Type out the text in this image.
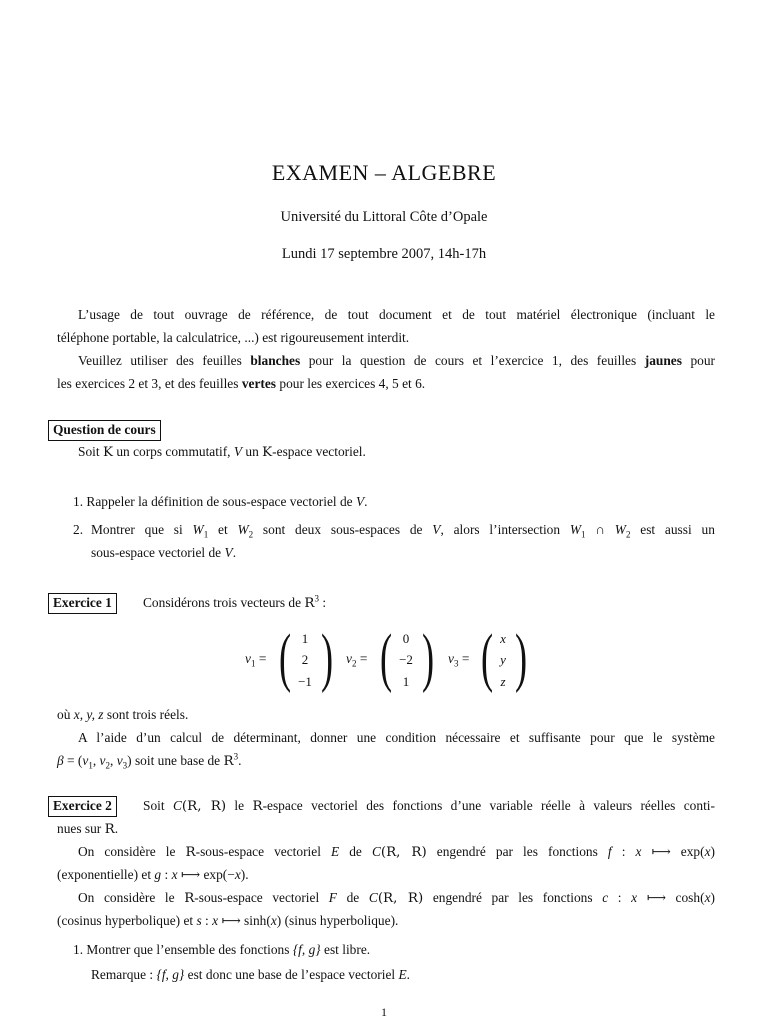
EXAMEN – ALGEBRE
Université du Littoral Côte d’Opale
Lundi 17 septembre 2007, 14h-17h
L’usage de tout ouvrage de référence, de tout document et de tout matériel électronique (incluant le
téléphone portable, la calculatrice, ...) est rigoureusement interdit.
Veuillez utiliser des feuilles blanches pour la question de cours et l’exercice 1, des feuilles jaunes pour
les exercices 2 et 3, et des feuilles vertes pour les exercices 4, 5 et 6.
Question de cours
Soit K un corps commutatif, V un K-espace vectoriel.
1. Rappeler la définition de sous-espace vectoriel de V.
2. Montrer que si $W_1$ et $W_2$ sont deux sous-espaces de V, alors l’intersection $W_1$ ∩ $W_2$ est aussi un
sous-espace vectoriel de V.
Exercice 1	Considérons trois vecteurs de $R^3$ :
$v_1$ = ( 1
2
−1 ) $v_2$ = ( 0
−2
1 ) $v_3$ = ( x
y
z )
où x, y, z sont trois réels.
A l’aide d’un calcul de déterminant, donner une condition nécessaire et suffisante pour que le système
$\beta = (v_1$, $v_2$, $v_3$) soit une base de $R^3$.
Exercice 2	Soit C(R, R) le R-espace vectoriel des fonctions d’une variable réelle à valeurs réelles conti-
nues sur R.
On considère le R-sous-espace vectoriel E de C(R, R) engendré par les fonctions f : x ⟼ exp(x)
(exponentielle) et g : x ⟼ exp(−x).
On considère le R-sous-espace vectoriel F de C(R, R) engendré par les fonctions c : x ⟼ cosh(x)
(cosinus hyperbolique) et s : x ⟼ sinh(x) (sinus hyperbolique).
1. Montrer que l’ensemble des fonctions {f, g} est libre.
Remarque : {f, g} est donc une base de l’espace vectoriel E.
1
